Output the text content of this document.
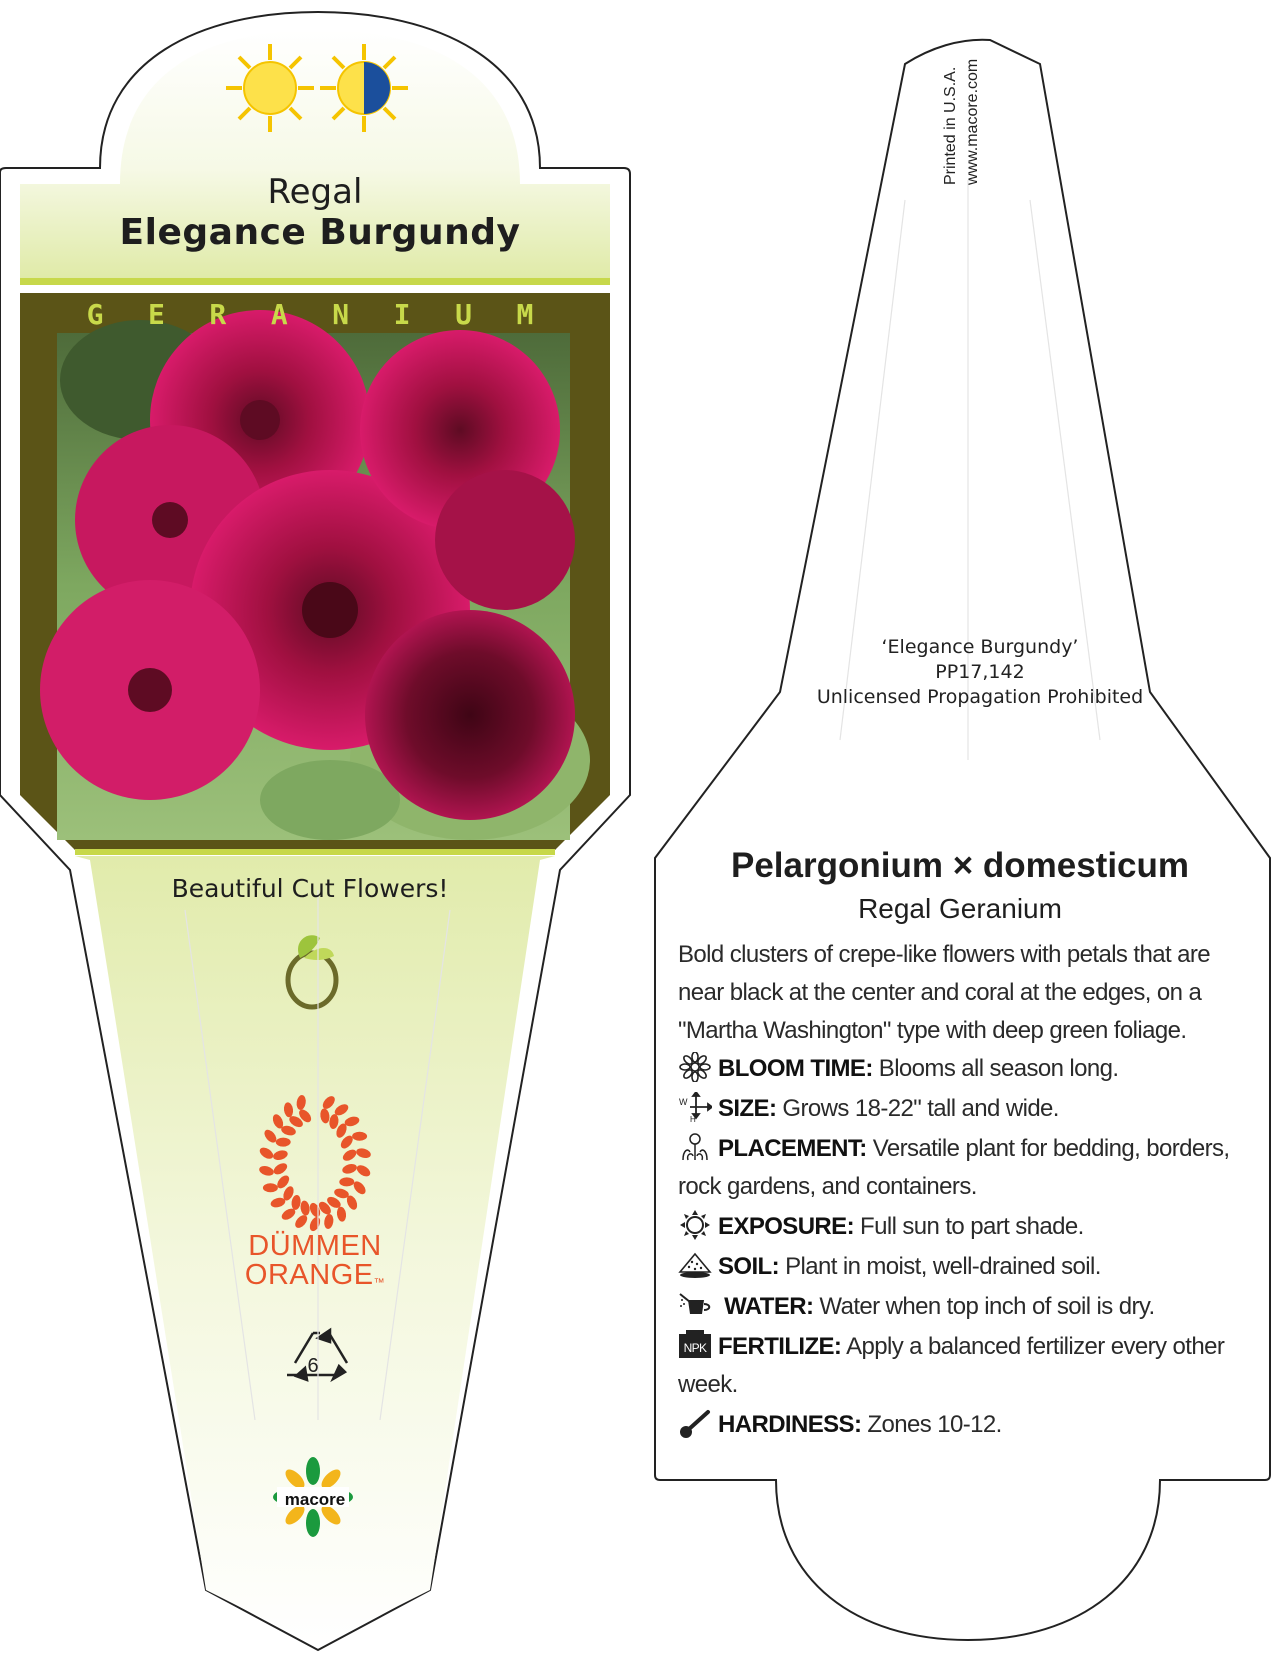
Regal
Elegance Burgundy
G E R A N I U M
Beautiful Cut Flowers!
DÜMMEN
ORANGE™
6
macore
Printed in U.S.A. www.macore.com
‘Elegance Burgundy’
PP17,142
Unlicensed Propagation Prohibited
Pelargonium × domesticum
Regal Geranium
Bold clusters of crepe-like flowers with petals that are near black at the center and coral at the edges, on a "Martha Washington" type with deep green foliage.
BLOOM TIME: Blooms all season long.
W
H SIZE: Grows 18-22" tall and wide.
PLACEMENT: Versatile plant for bedding, borders, rock gardens, and containers.
EXPOSURE: Full sun to part shade.
SOIL: Plant in moist, well-drained soil.
WATER: Water when top inch of soil is dry.
NPK FERTILIZE: Apply a balanced fertilizer every other week.
HARDINESS: Zones 10-12.
